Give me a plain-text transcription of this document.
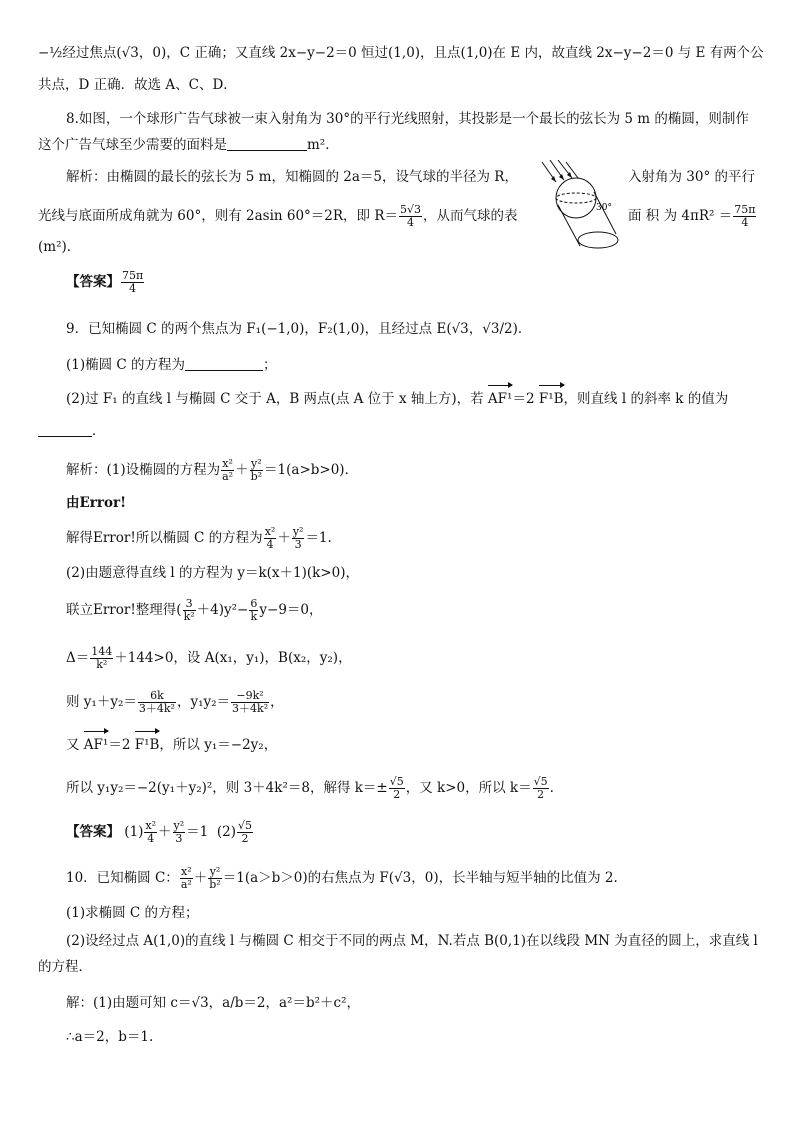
−½经过焦点(√3，0)，C 正确；又直线 2x−y−2＝0 恒过(1,0)，且点(1,0)在 E 内，故直线 2x−y−2＝0 与 E 有两个公
共点，D 正确．故选 A、C、D．
8.如图，一个球形广告气球被一束入射角为 30°的平行光线照射，其投影是一个最长的弦长为 5 m 的椭圆，则制作
这个广告气球至少需要的面料是	m²．
解析：由椭圆的最长的弦长为 5 m，知椭圆的 2a＝5，设气球的半径为 R，	入射角为 30° 的平行
光线与底面所成角就为 60°，则有 2asin 60°＝2R，即 $R= \frac{5√3}{4}$ ，从而气球的表	面 积 为 $4\pi R^2 = \frac{75\pi}{4}$
(m²)．
30°
【答案】 $\frac{75\pi}{4}$
9．已知椭圆 C 的两个焦点为 F₁(−1,0)，F₂(1,0)，且经过点 E(√3，√3/2)．
(1)椭圆 C 的方程为	；
(2)过 F₁ 的直线 l 与椭圆 C 交于 A，B 两点(点 A 位于 x 轴上方)，若 AF¹＝2 F¹B，则直线 l 的斜率 k 的值为
．
解析：(1)设椭圆的方程为 $\frac{\text{x²}}{\text{a²}} + \frac{\text{y²}}{\text{b²}} =1(a>b>0)$．
由Error!
解得Error!所以椭圆 C 的方程为 $\frac{\text{x²}}{4} + \frac{\text{y²}}{3} =1$.
(2)由题意得直线 l 的方程为 y＝k(x＋1)(k>0)，
联立Error!整理得( $\frac{3}{\text{k²}} +4)y^2- \frac{6}{k} y-9=0$，
$\Delta= \frac{144}{\text{k²}} +144>0$，设 A(x₁，y₁)，B(x₂，y₂)，
则 $y_1+y_2= \frac{6k}{\text{3＋4k²}}$ ，$y_1y_2= \frac{\text{−9k²}}{\text{3＋4k²}}$ ，
又 AF¹＝2 F¹B，所以 y₁＝−2y₂，
所以 y₁y₂＝−2(y₁＋y₂)²，则 3＋4k²＝8，解得 $k=\pm \frac{√5}{2}$ ，又 k>0，所以 $k= \frac{√5}{2}$ .
【答案】 $(1) \frac{\text{x²}}{4} + \frac{\text{y²}}{3} =1$ $(2) \frac{√5}{2}$
10．已知椭圆 C： $\frac{\text{x²}}{\text{a²}} + \frac{\text{y²}}{\text{b²}} =1(a>b>0)$的右焦点为 F(√3，0)，长半轴与短半轴的比值为 2.
(1)求椭圆 C 的方程；
(2)设经过点 A(1,0)的直线 l 与椭圆 C 相交于不同的两点 M，N.若点 B(0,1)在以线段 MN 为直径的圆上，求直线 l
的方程．
解：(1)由题可知 c＝√3，a/b＝2，a²＝b²＋c²，
∴a＝2，b＝1.
